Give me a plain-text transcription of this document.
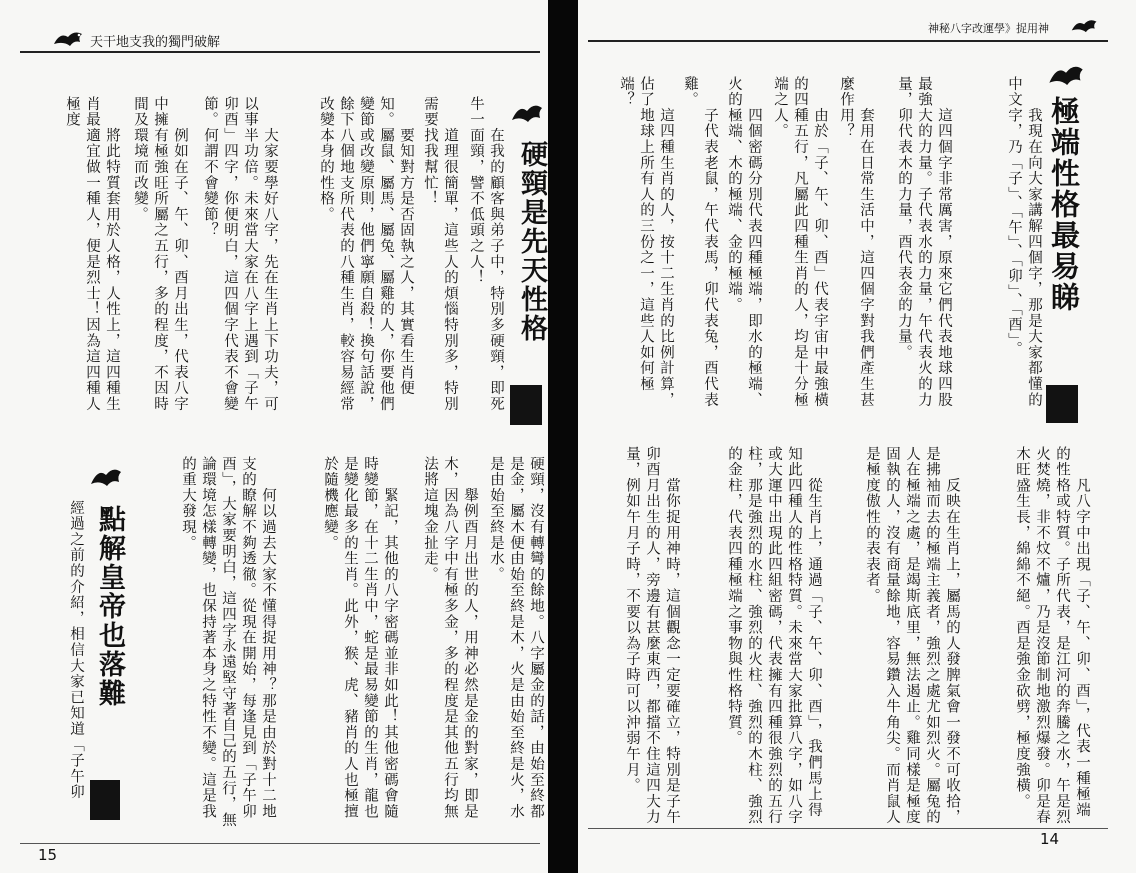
天干地支我的獨門破解
硬頸是先天性格
　　在我的顧客與弟子中，特別多硬頸，即死牛一面頸，譬不低頭之人！
　　道理很簡單，這些人的煩惱特別多，特別需要找我幫忙！
　　要知對方是否固執之人，其實看生肖便知。屬鼠、屬馬、屬兔、屬雞的人，你要他們變節或改變原則，他們寧願自殺！換句話說，餘下八個地支所代表的八種生肖，較容易經常改變本身的性格。
　　大家要學好八字，先在生肖上下功夫，可以事半功倍。未來當大家在八字上遇到「子午卯酉」四字，你便明白，這四個字代表不會變節。何謂不會變節？
　　例如在子、午、卯、酉月出生，代表八字中擁有極強旺所屬之五行，多的程度，不因時間及環境而改變。
　　將此特質套用於人格，人性上，這四種生肖最適宜做一種人，便是烈士！因為這四種人極度
硬頸，沒有轉彎的餘地。八字屬金的話，由始至終都是金，屬木便由始至終是木，火是由始至終是火，水是由始至終是水。
　　舉例酉月出世的人，用神必然是金的對家，即是木，因為八字中有極多金，多的程度是其他五行均無法將這塊金扯走。
　　緊記，其他的八字密碼並非如此！其他密碼會隨時變節，在十二生肖中，蛇是最易變節的生肖，龍也是變化最多的生肖。此外，猴、虎、豬肖的人也極擅於隨機應變。
　　何以過去大家不懂得捉用神？那是由於對十二地支的瞭解不夠透徹。從現在開始，每逢見到「子午卯酉」，大家要明白，這四字永遠堅守著自己的五行，無論環境怎樣轉變，也保持著本身之特性不變。這是我的重大發現。
點解皇帝也落難
經過之前的介紹，相信大家已知道「子午卯
15
神秘八字改運學》捉用神
極端性格最易睇
　　我現在向大家講解四個字，那是大家都懂的中文字，乃「子」、「午」、「卯」、「酉」。
　　這四個字非常厲害，原來它們代表地球四股最強大的力量。子代表水的力量，午代表火的力量，卯代表木的力量，酉代表金的力量。
　　套用在日常生活中，這四個字對我們產生甚麼作用？
　　由於「子、午、卯、酉」代表宇宙中最強橫的四種五行，凡屬此四種生肖的人，均是十分極端之人。
　　四個密碼分別代表四種極端，即水的極端、火的極端、木的極端、金的極端。
　　子代表老鼠，午代表馬，卯代表兔，酉代表雞。
　　這四種生肖的人，按十二生肖的比例計算，佔了地球上所有人的三份之一，這些人如何極端？
　　凡八字中出現「子、午、卯、酉」，代表一種極端的性格或特質。子所代表，是江河的奔騰之水，午是烈火焚燒，非不炆不爐，乃是沒節制地激烈爆發。卯是春木旺盛生長，綿綿不絕。酉是強金砍劈，極度強橫。
　　反映在生肖上，屬馬的人發脾氣會一發不可收拾，是拂袖而去的極端主義者，強烈之處尤如烈火。屬兔的人在極端之處，是竭斯底里，無法遏止。雞同樣是極度固執的人，沒有商量餘地，容易鑽入牛角尖。而肖鼠人是極度傲性的表表者。
　　從生肖上，通過「子、午、卯、酉」，我們馬上得知此四種人的性格特質。未來當大家批算八字，如八字或大運中出現此四組密碼，代表擁有四種很強烈的五行柱，那是強烈的水柱、強烈的火柱、強烈的木柱、強烈的金柱，代表四種極端之事物與性格特質。
　　當你捉用神時，這個觀念一定要確立，特別是子午卯酉月出生的人，旁邊有甚麼東西，都擋不住這四大力量，例如午月子時，不要以為子時可以沖弱午月。
14
